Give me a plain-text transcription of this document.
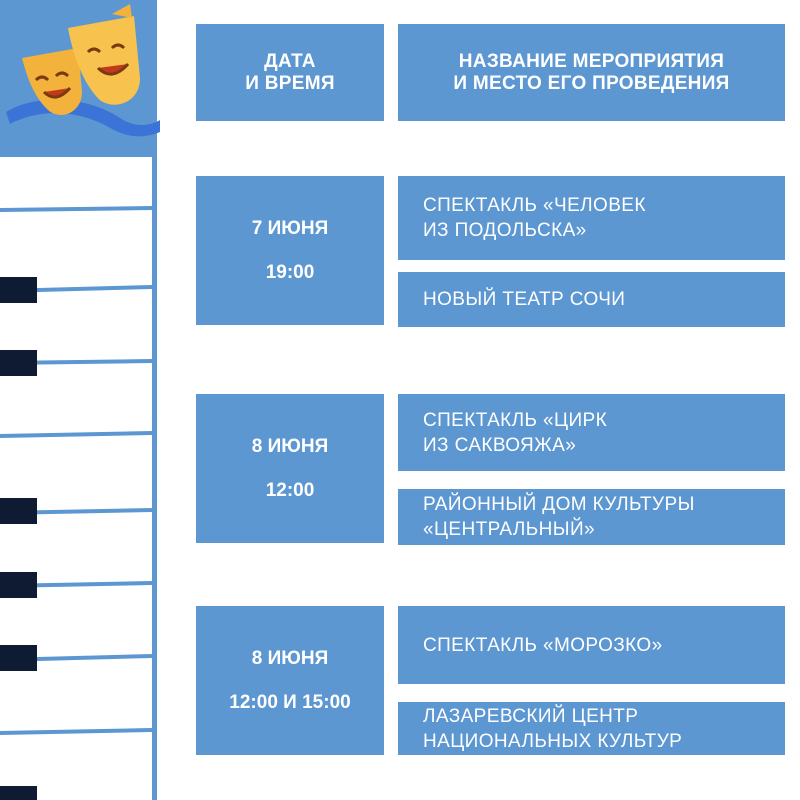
ДАТА
И ВРЕМЯ
НАЗВАНИЕ МЕРОПРИЯТИЯ
И МЕСТО ЕГО ПРОВЕДЕНИЯ
7 ИЮНЯ
19:00
СПЕКТАКЛЬ «ЧЕЛОВЕК
ИЗ ПОДОЛЬСКА»
НОВЫЙ ТЕАТР СОЧИ
8 ИЮНЯ
12:00
СПЕКТАКЛЬ «ЦИРК
ИЗ САКВОЯЖА»
РАЙОННЫЙ ДОМ КУЛЬТУРЫ
«ЦЕНТРАЛЬНЫЙ»
8 ИЮНЯ
12:00 И 15:00
СПЕКТАКЛЬ «МОРОЗКО»
ЛАЗАРЕВСКИЙ ЦЕНТР
НАЦИОНАЛЬНЫХ КУЛЬТУР
